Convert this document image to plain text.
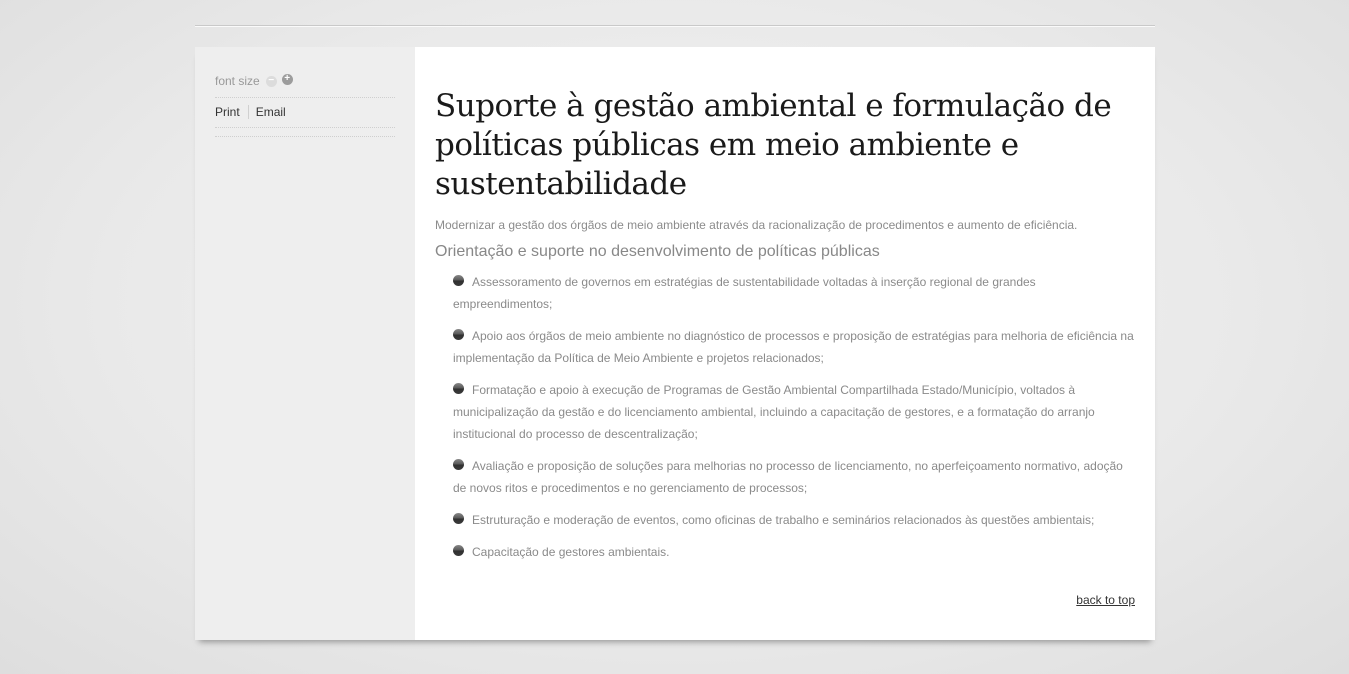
font size − +
Print Email	Suporte à gestão ambiental e formulação de políticas públicas em meio ambiente e sustentabilidade
Modernizar a gestão dos órgãos de meio ambiente através da racionalização de procedimentos e aumento de eficiência.
Orientação e suporte no desenvolvimento de políticas públicas
Assessoramento de governos em estratégias de sustentabilidade voltadas à inserção regional de grandes empreendimentos;
Apoio aos órgãos de meio ambiente no diagnóstico de processos e proposição de estratégias para melhoria de eficiência na implementação da Política de Meio Ambiente e projetos relacionados;
Formatação e apoio à execução de Programas de Gestão Ambiental Compartilhada Estado/Município, voltados à municipalização da gestão e do licenciamento ambiental, incluindo a capacitação de gestores, e a formatação do arranjo institucional do processo de descentralização;
Avaliação e proposição de soluções para melhorias no processo de licenciamento, no aperfeiçoamento normativo, adoção de novos ritos e procedimentos e no gerenciamento de processos;
Estruturação e moderação de eventos, como oficinas de trabalho e seminários relacionados às questões ambientais;
Capacitação de gestores ambientais.
back to top
